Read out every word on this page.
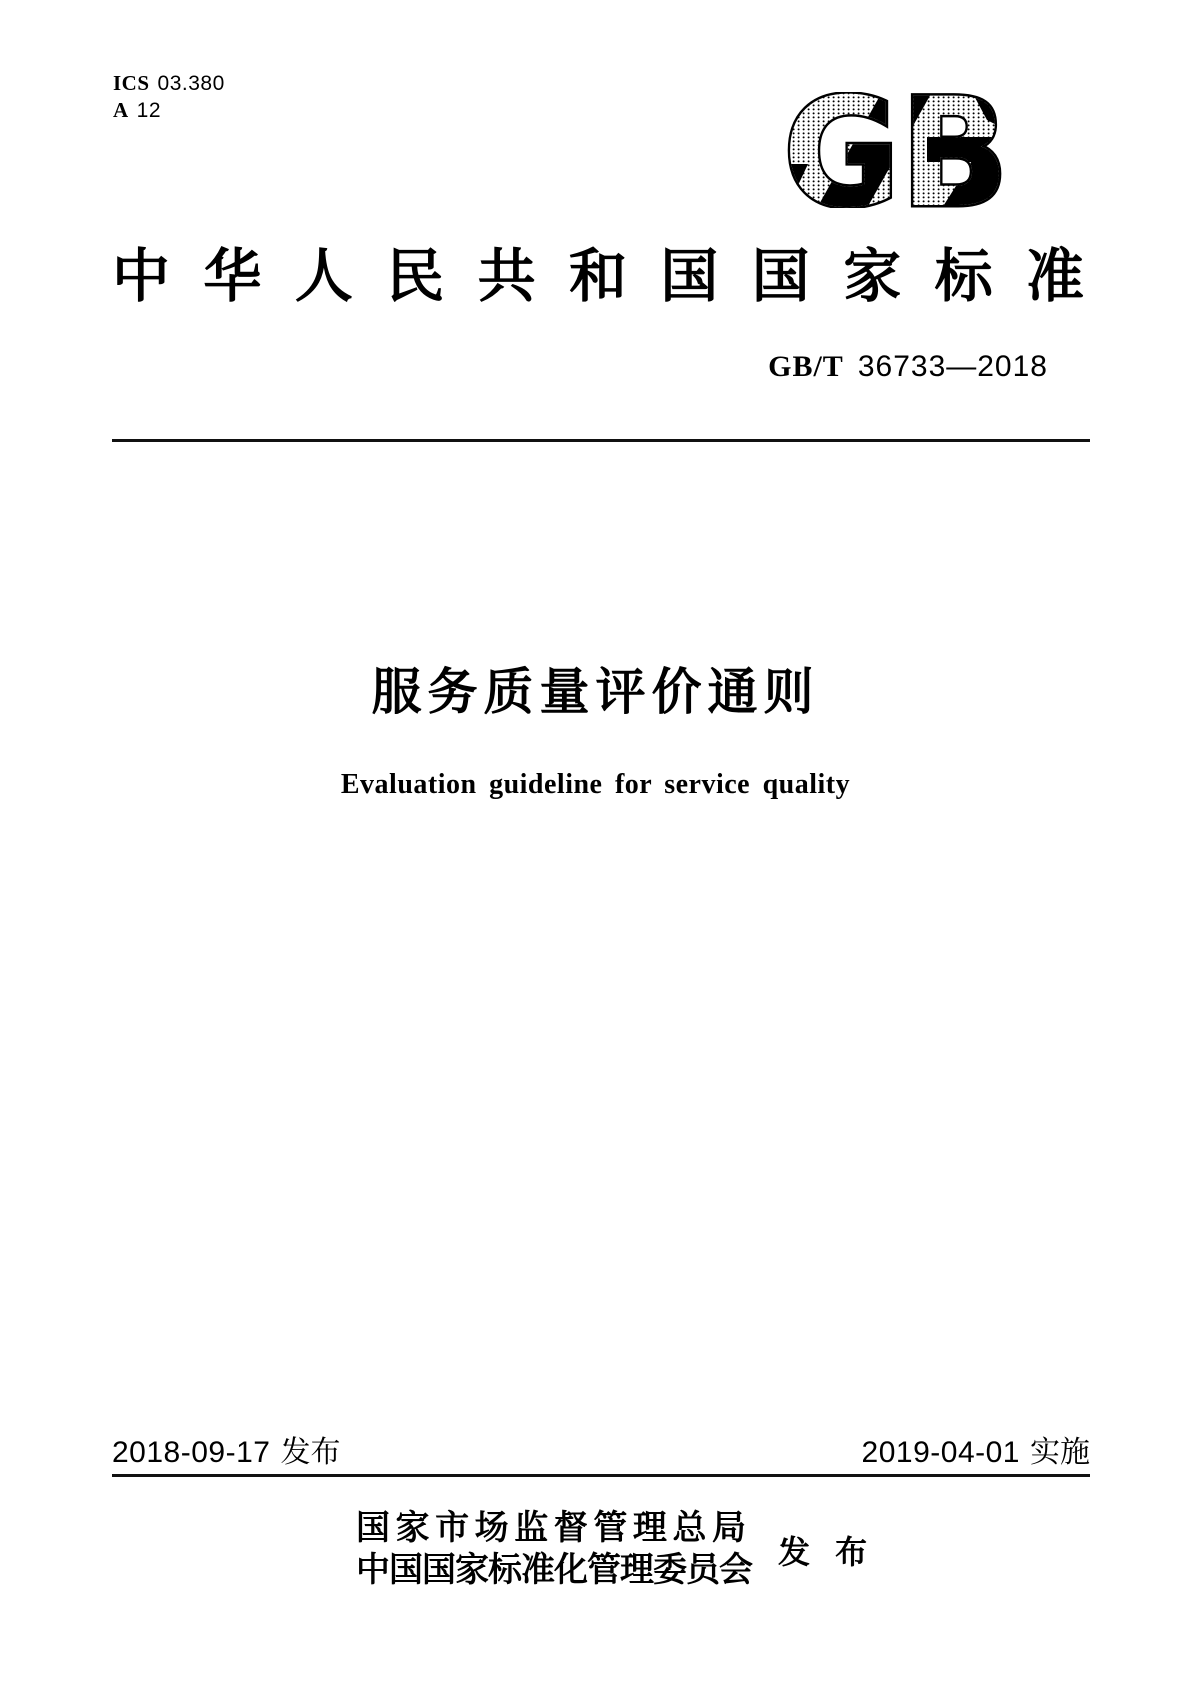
ICS 03.380
A 12
中华人民共和国国家标准
GB/T 36733—2018
服务质量评价通则
Evaluation guideline for service quality
2018-09-17 发布	2019-04-01 实施
国家市场监督管理总局
中国国家标准化管理委员会 发 布
